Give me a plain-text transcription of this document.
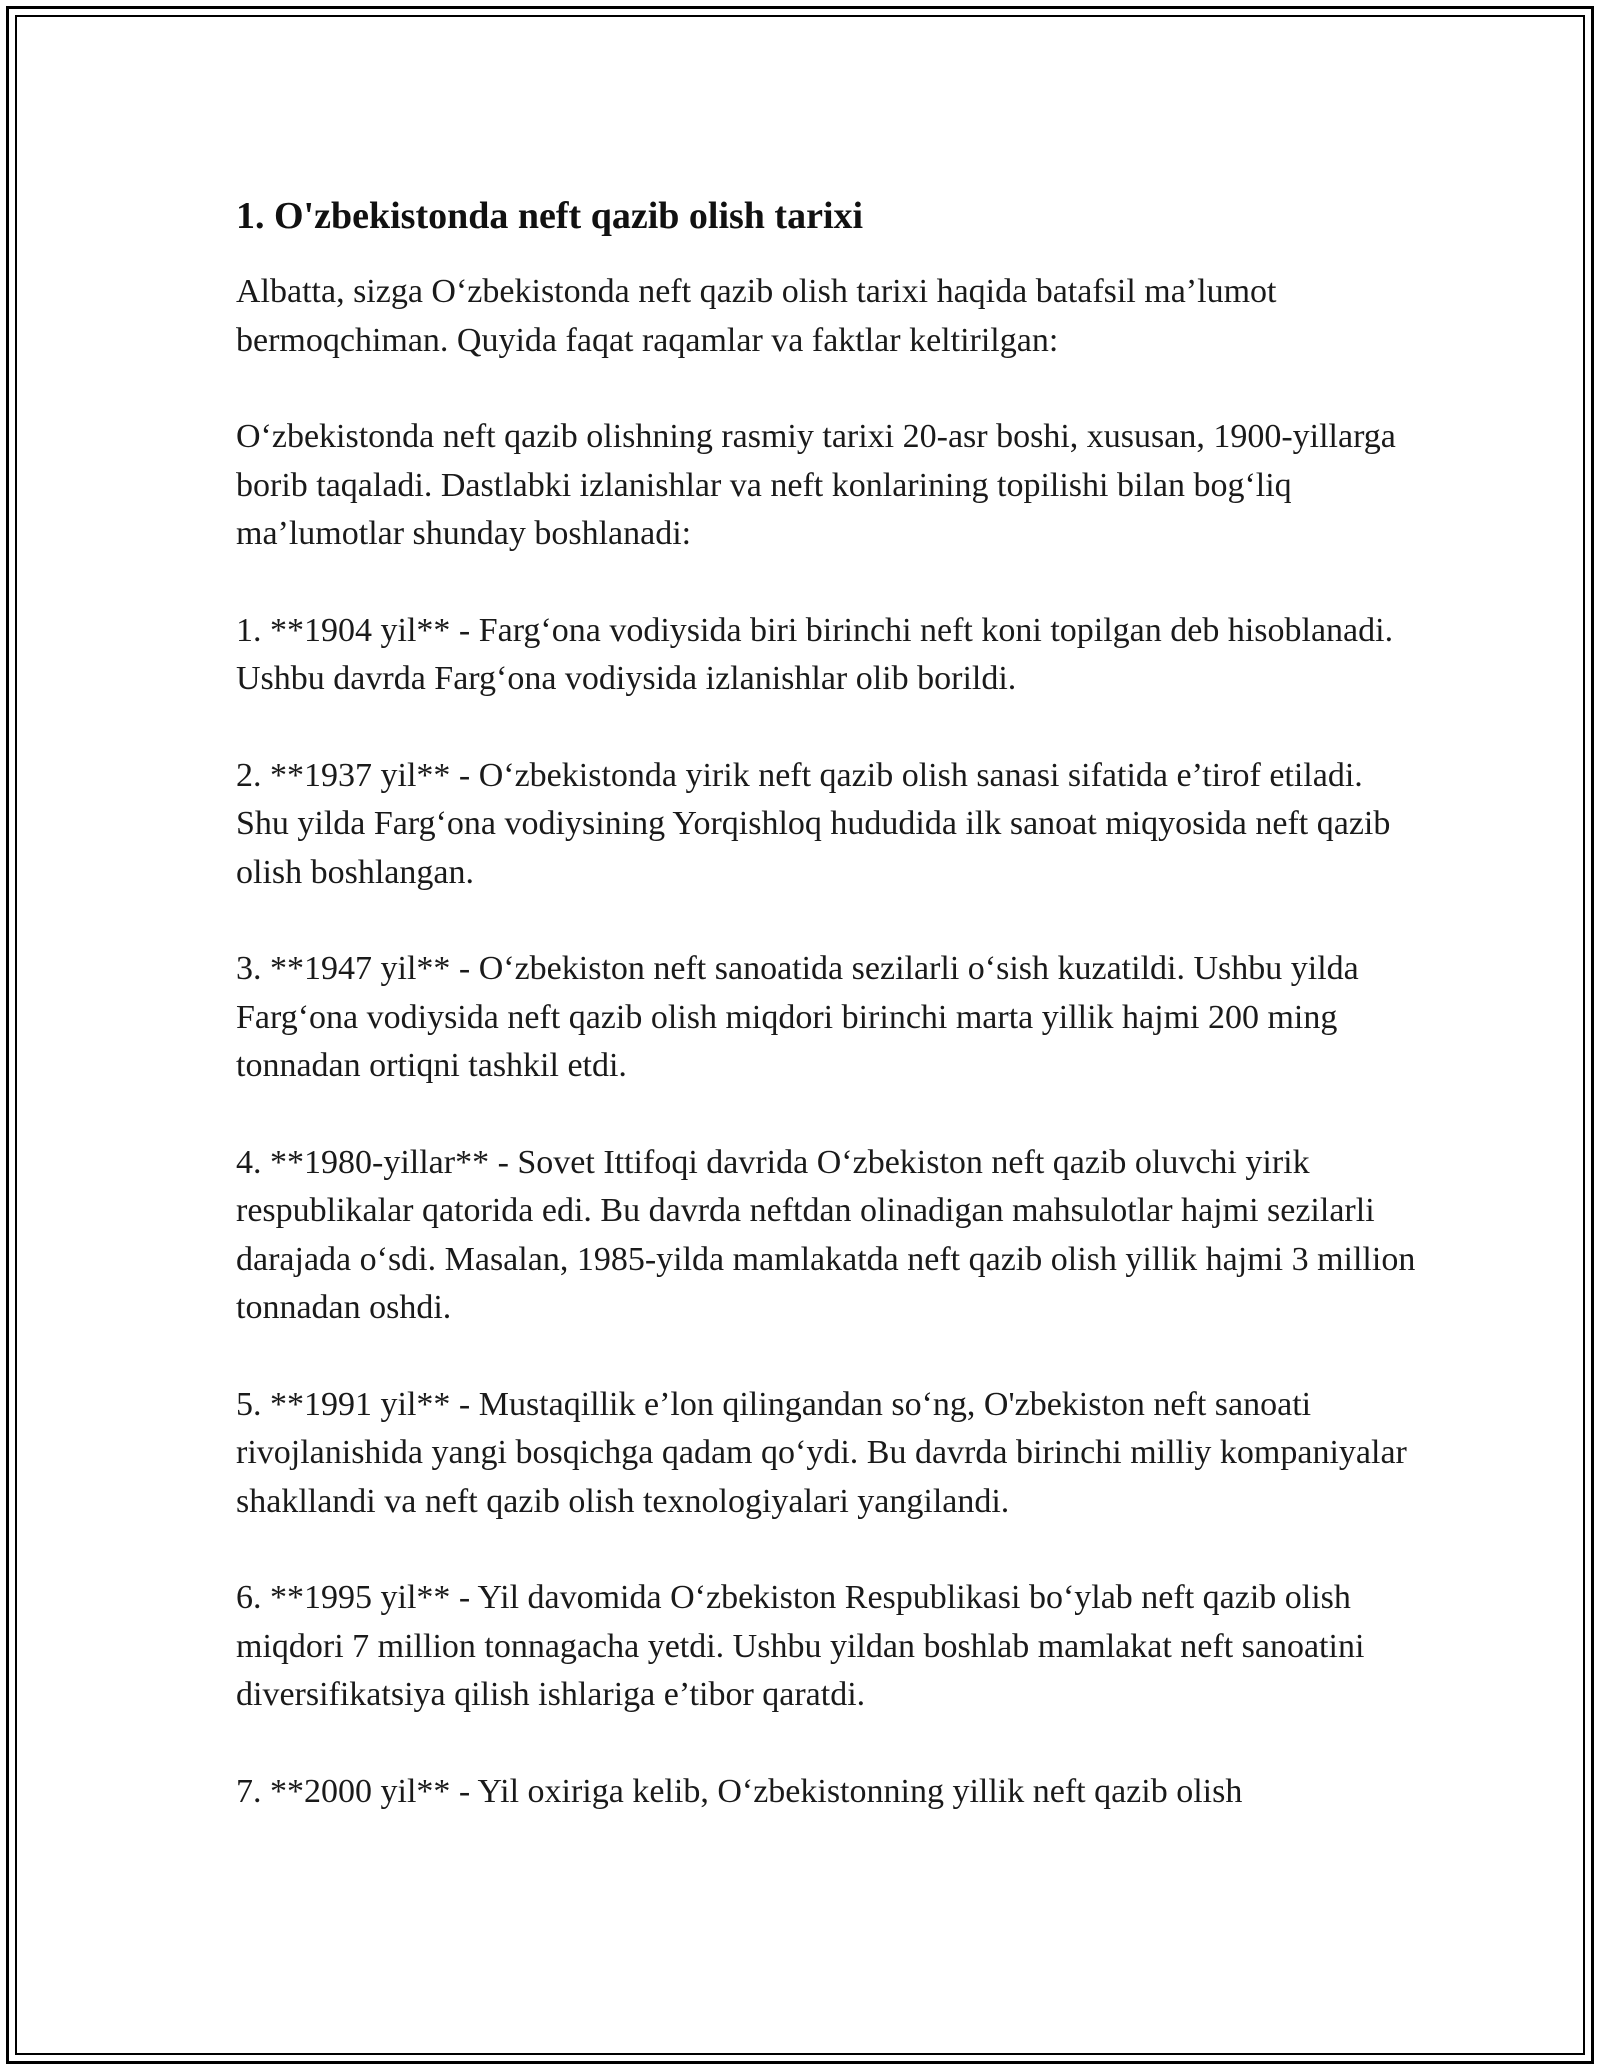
1. O'zbekistonda neft qazib olish tarixi

Albatta, sizga O‘zbekistonda neft qazib olish tarixi haqida batafsil ma’lumot bermoqchiman. Quyida faqat raqamlar va faktlar keltirilgan:

O‘zbekistonda neft qazib olishning rasmiy tarixi 20-asr boshi, xususan, 1900-yillarga borib taqaladi. Dastlabki izlanishlar va neft konlarining topilishi bilan bog‘liq ma’lumotlar shunday boshlanadi:

1. **1904 yil** - Farg‘ona vodiysida biri birinchi neft koni topilgan deb hisoblanadi. Ushbu davrda Farg‘ona vodiysida izlanishlar olib borildi.

2. **1937 yil** - O‘zbekistonda yirik neft qazib olish sanasi sifatida e’tirof etiladi. Shu yilda Farg‘ona vodiysining Yorqishloq hududida ilk sanoat miqyosida neft qazib olish boshlangan.

3. **1947 yil** - O‘zbekiston neft sanoatida sezilarli o‘sish kuzatildi. Ushbu yilda Farg‘ona vodiysida neft qazib olish miqdori birinchi marta yillik hajmi 200 ming tonnadan ortiqni tashkil etdi.

4. **1980-yillar** - Sovet Ittifoqi davrida O‘zbekiston neft qazib oluvchi yirik respublikalar qatorida edi. Bu davrda neftdan olinadigan mahsulotlar hajmi sezilarli darajada o‘sdi. Masalan, 1985-yilda mamlakatda neft qazib olish yillik hajmi 3 million tonnadan oshdi.

5. **1991 yil** - Mustaqillik e’lon qilingandan so‘ng, O'zbekiston neft sanoati rivojlanishida yangi bosqichga qadam qo‘ydi. Bu davrda birinchi milliy kompaniyalar shakllandi va neft qazib olish texnologiyalari yangilandi.

6. **1995 yil** - Yil davomida O‘zbekiston Respublikasi bo‘ylab neft qazib olish miqdori 7 million tonnagacha yetdi. Ushbu yildan boshlab mamlakat neft sanoatini diversifikatsiya qilish ishlariga e’tibor qaratdi.

7. **2000 yil** - Yil oxiriga kelib, O‘zbekistonning yillik neft qazib olish
